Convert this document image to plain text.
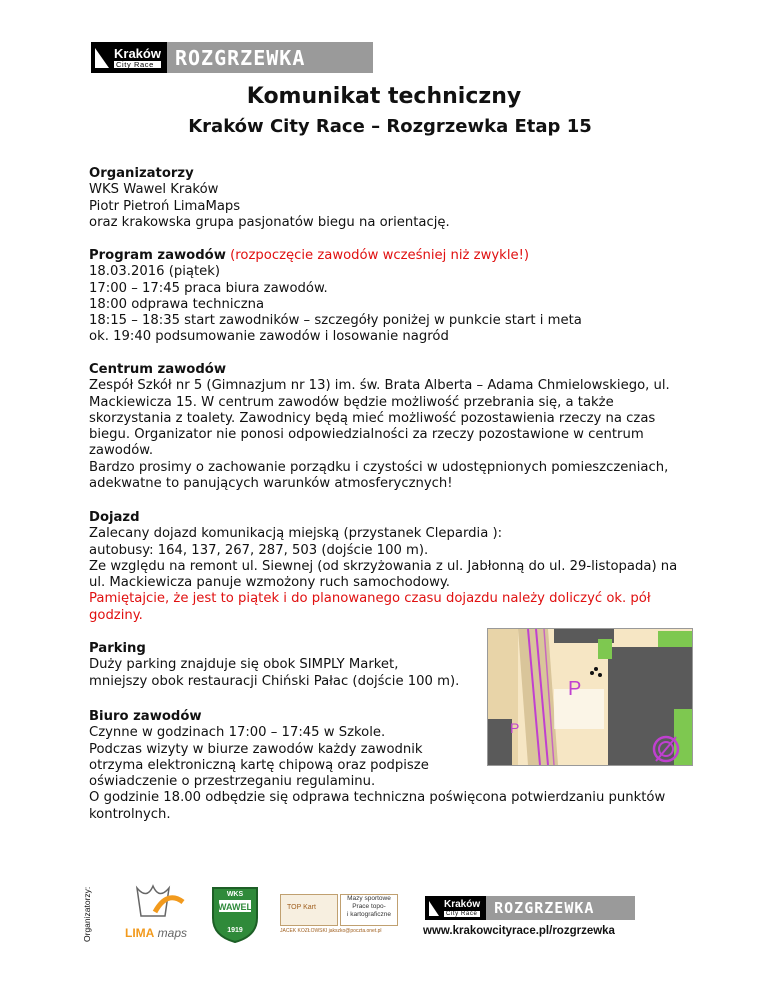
Kraków
City Race	ROZGRZEWKA
Komunikat techniczny
Kraków City Race – Rozgrzewka Etap 15

Organizatorzy

WKS Wawel Kraków

Piotr Pietroń LimaMaps

oraz krakowska grupa pasjonatów biegu na orientację.

Program zawodów (rozpoczęcie zawodów wcześniej niż zwykle!)

18.03.2016 (piątek)

17:00 – 17:45 praca biura zawodów.

18:00 odprawa techniczna

18:15 – 18:35 start zawodników – szczegóły poniżej w punkcie start i meta

ok. 19:40 podsumowanie zawodów i losowanie nagród

Centrum zawodów

Zespół Szkół nr 5 (Gimnazjum nr 13) im. św. Brata Alberta – Adama Chmielowskiego, ul.

Mackiewicza 15. W centrum zawodów będzie możliwość przebrania się, a także

skorzystania z toalety. Zawodnicy będą mieć możliwość pozostawienia rzeczy na czas

biegu. Organizator nie ponosi odpowiedzialności za rzeczy pozostawione w centrum

zawodów.

Bardzo prosimy o zachowanie porządku i czystości w udostępnionych pomieszczeniach,

adekwatne to panujących warunków atmosferycznych!

Dojazd

Zalecany dojazd komunikacją miejską (przystanek Clepardia ):

autobusy: 164, 137, 267, 287, 503 (dojście 100 m).

Ze względu na remont ul. Siewnej (od skrzyżowania z ul. Jabłonną do ul. 29-listopada) na

ul. Mackiewicza panuje wzmożony ruch samochodowy.

Pamiętajcie, że jest to piątek i do planowanego czasu dojazdu należy doliczyć ok. pół

godziny.

Parking

Duży parking znajduje się obok SIMPLY Market,

mniejszy obok restauracji Chiński Pałac (dojście 100 m).

Biuro zawodów

Czynne w godzinach 17:00 – 17:45 w Szkole.

Podczas wizyty w biurze zawodów każdy zawodnik

otrzyma elektroniczną kartę chipową oraz podpisze

oświadczenie o przestrzeganiu regulaminu.

O godzinie 18.00 odbędzie się odprawa techniczna poświęcona potwierdzaniu punktów

kontrolnych.

P
P
Organizatorzy:	LIMA maps
WKS
WAWEL
1919
TOP Kart
Mazy sportowe
Prace topo-
i kartograficzne
JACEK KOZŁOWSKI jakszko@poczta.onet.pl
Kraków
City Race	ROZGRZEWKA
www.krakowcityrace.pl/rozgrzewka
